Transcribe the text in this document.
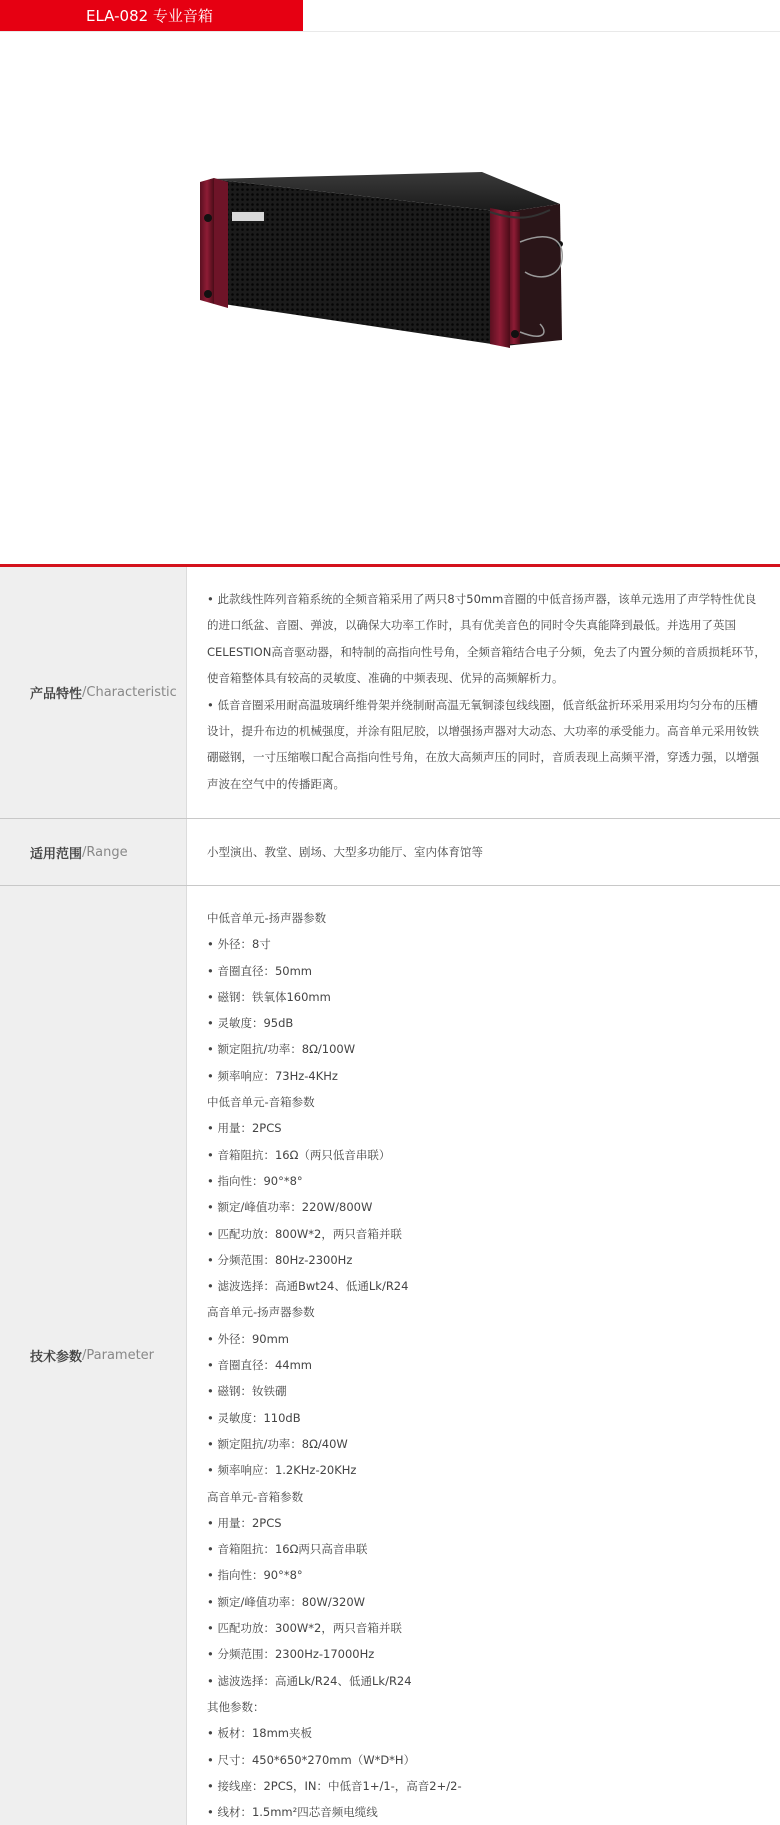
ELA-082 专业音箱
产品特性 /Characteristic

• 此款线性阵列音箱系统的全频音箱采用了两只8寸50mm音圈的中低音扬声器，该单元选用了声学特性优良的进口纸盆、音圈、弹波，以确保大功率工作时，具有优美音色的同时令失真能降到最低。并选用了英国CELESTION高音驱动器，和特制的高指向性号角，全频音箱结合电子分频，免去了内置分频的音质损耗环节，使音箱整体具有较高的灵敏度、准确的中频表现、优异的高频解析力。

• 低音音圈采用耐高温玻璃纤维骨架并绕制耐高温无氧铜漆包线线圈，低音纸盆折环采用采用均匀分布的压槽设计，提升布边的机械强度，并涂有阻尼胶，以增强扬声器对大动态、大功率的承受能力。高音单元采用钕铁硼磁钢，一寸压缩喉口配合高指向性号角，在放大高频声压的同时，音质表现上高频平滑，穿透力强，以增强声波在空气中的传播距离。

适用范围 /Range	小型演出、教堂、剧场、大型多功能厅、室内体育馆等
技术参数 /Parameter
中低音单元-扬声器参数
• 外径：8寸
• 音圈直径：50mm
• 磁钢：铁氧体160mm
• 灵敏度：95dB
• 额定阻抗/功率：8Ω/100W
• 频率响应：73Hz-4KHz
中低音单元-音箱参数
• 用量：2PCS
• 音箱阻抗：16Ω（两只低音串联）
• 指向性：90°*8°
• 额定/峰值功率：220W/800W
• 匹配功放：800W*2，两只音箱并联
• 分频范围：80Hz-2300Hz
• 滤波选择：高通Bwt24、低通Lk/R24
高音单元-扬声器参数
• 外径：90mm
• 音圈直径：44mm
• 磁钢：钕铁硼
• 灵敏度：110dB
• 额定阻抗/功率：8Ω/40W
• 频率响应：1.2KHz-20KHz
高音单元-音箱参数
• 用量：2PCS
• 音箱阻抗：16Ω两只高音串联
• 指向性：90°*8°
• 额定/峰值功率：80W/320W
• 匹配功放：300W*2，两只音箱并联
• 分频范围：2300Hz-17000Hz
• 滤波选择：高通Lk/R24、低通Lk/R24
其他参数：
• 板材：18mm夹板
• 尺寸：450*650*270mm（W*D*H）
• 接线座：2PCS，IN：中低音1+/1-，高音2+/2-
• 线材：1.5mm²四芯音频电缆线
